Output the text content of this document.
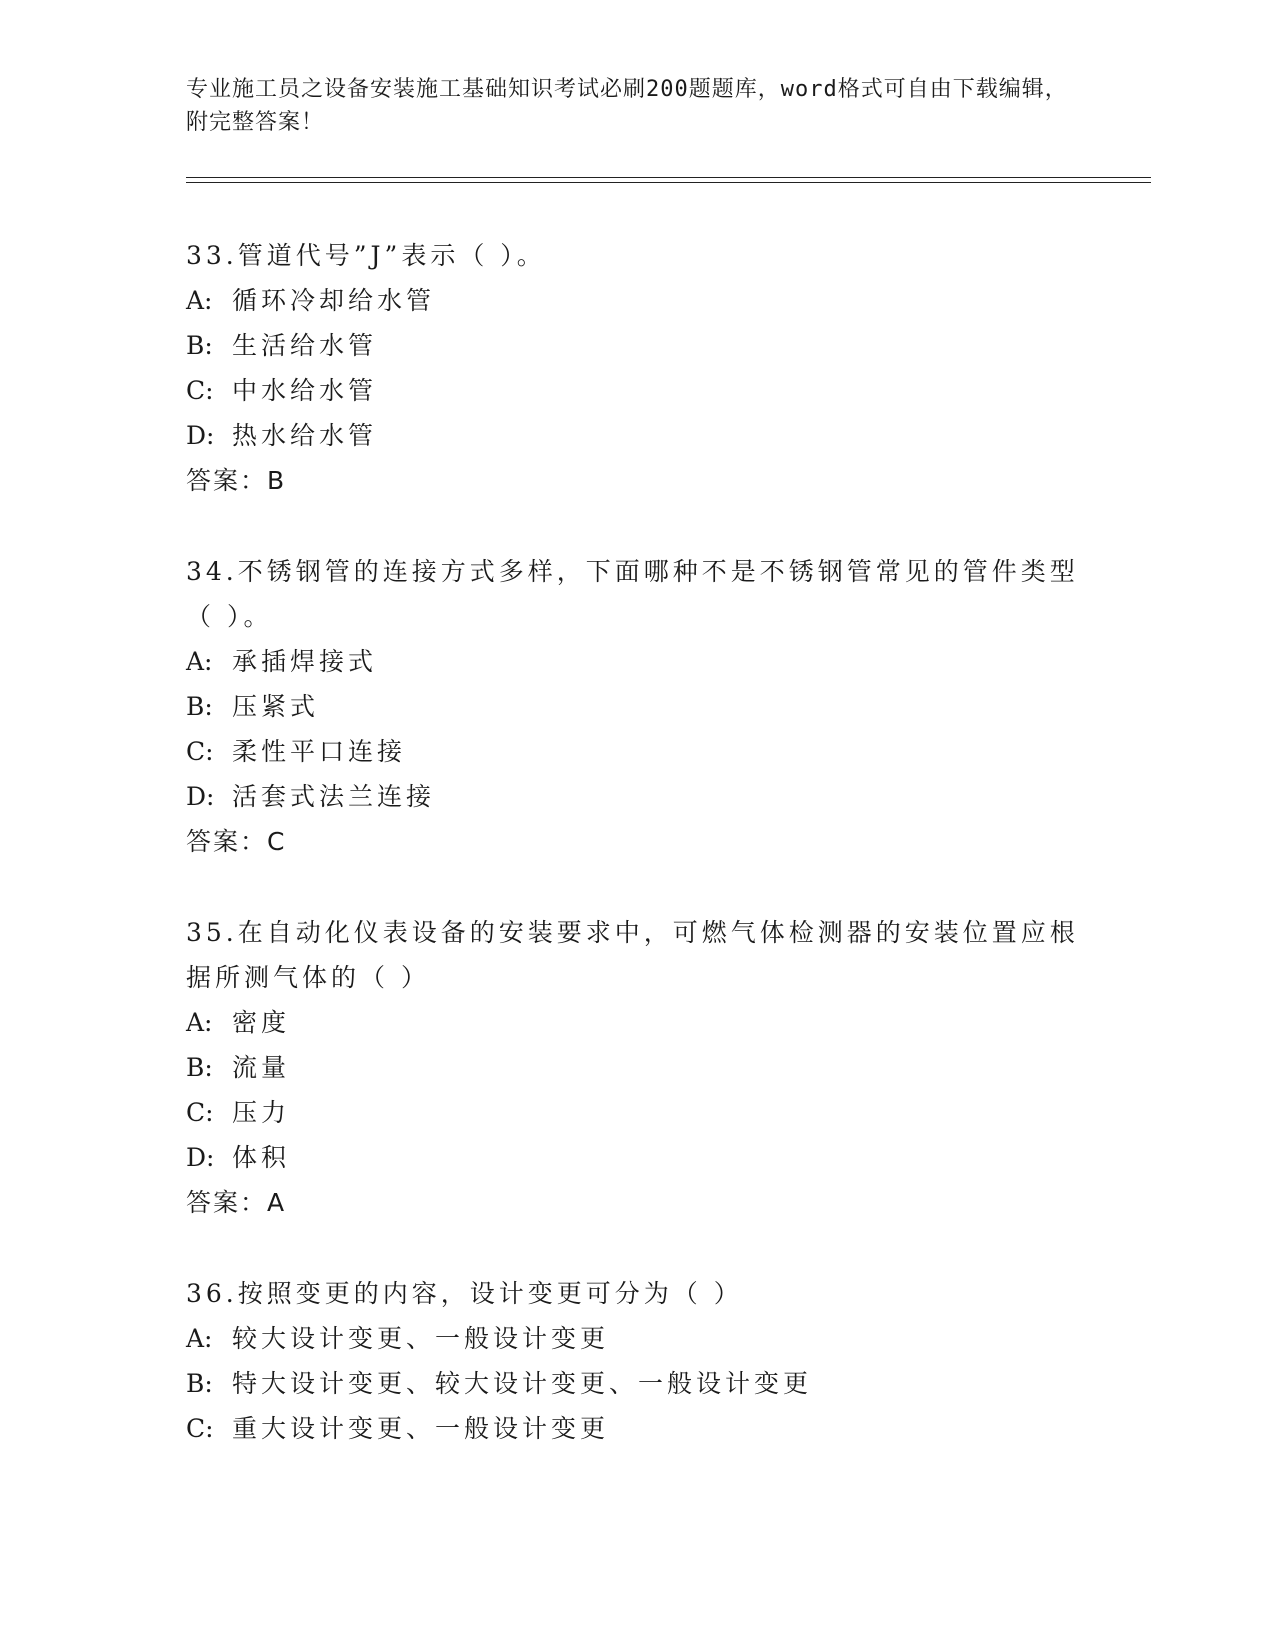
专业施工员之设备安装施工基础知识考试必刷200题题库，word格式可自由下载编辑，附完整答案！

33.管道代号”J”表示（ ）。

A: 循环冷却给水管

B: 生活给水管

C: 中水给水管

D: 热水给水管

答案：B

34.不锈钢管的连接方式多样，下面哪种不是不锈钢管常见的管件类型（ ）。

A: 承插焊接式

B: 压紧式

C: 柔性平口连接

D: 活套式法兰连接

答案：C

35.在自动化仪表设备的安装要求中，可燃气体检测器的安装位置应根据所测气体的（ ）

A: 密度

B: 流量

C: 压力

D: 体积

答案：A

36.按照变更的内容，设计变更可分为（ ）

A: 较大设计变更、一般设计变更

B: 特大设计变更、较大设计变更、一般设计变更

C: 重大设计变更、一般设计变更
